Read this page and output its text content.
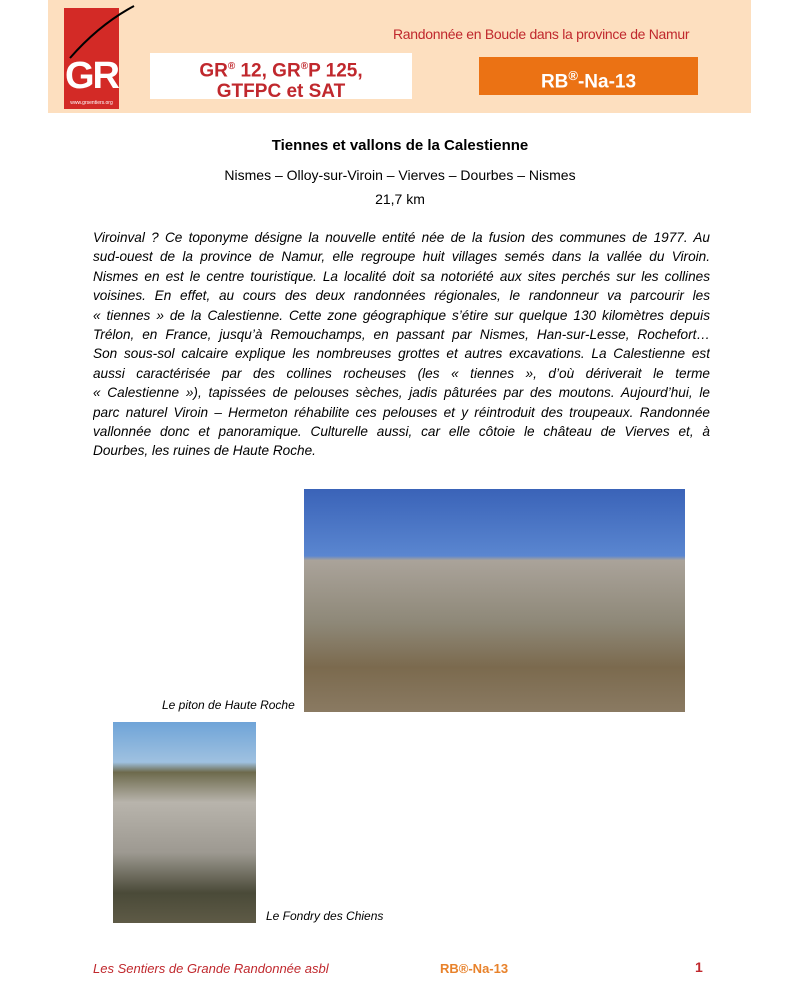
GR
www.grsentiers.org
Randonnée en Boucle dans la province de Namur
GR® 12, GR®P 125,
GTFPC et SAT	RB®-Na-13
Tiennes et vallons de la Calestienne
Nismes – Olloy-sur-Viroin – Vierves – Dourbes – Nismes
21,7 km
Viroinval ? Ce toponyme désigne la nouvelle entité née de la fusion des communes de 1977. Au
sud-ouest de la province de Namur, elle regroupe huit villages semés dans la vallée du Viroin.
Nismes en est le centre touristique. La localité doit sa notoriété aux sites perchés sur les collines
voisines. En effet, au cours des deux randonnées régionales, le randonneur va parcourir les
« tiennes » de la Calestienne. Cette zone géographique s’étire sur quelque 130 kilomètres depuis
Trélon, en France, jusqu’à Remouchamps, en passant par Nismes, Han-sur-Lesse, Rochefort…
Son sous-sol calcaire explique les nombreuses grottes et autres excavations. La Calestienne est
aussi caractérisée par des collines rocheuses (les « tiennes », d’où dériverait le terme
« Calestienne »), tapissées de pelouses sèches, jadis pâturées par des moutons. Aujourd’hui, le
parc naturel Viroin – Hermeton réhabilite ces pelouses et y réintroduit des troupeaux. Randonnée
vallonnée donc et panoramique. Culturelle aussi, car elle côtoie le château de Vierves et, à
Dourbes, les ruines de Haute Roche.
Le piton de Haute Roche
Le Fondry des Chiens
Les Sentiers de Grande Randonnée asbl	RB®-Na-13	1
